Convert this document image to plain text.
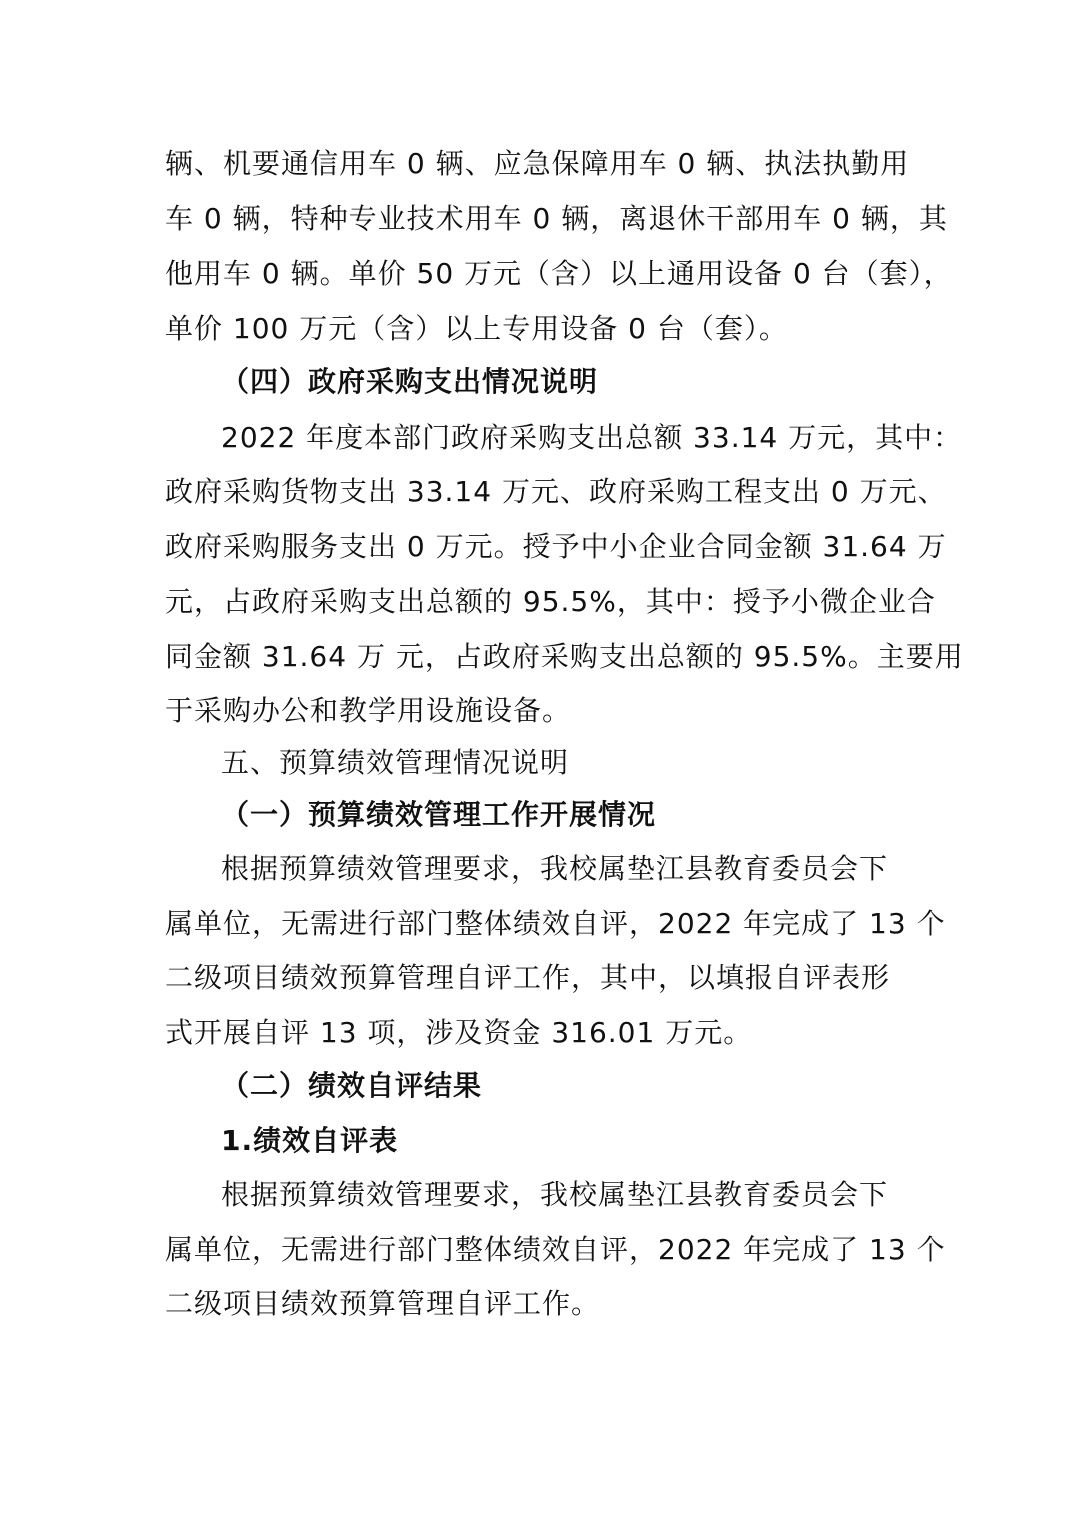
辆、机要通信用车 0 辆、应急保障用车 0 辆、执法执勤用
车 0 辆，特种专业技术用车 0 辆，离退休干部用车 0 辆，其
他用车 0 辆。单价 50 万元（含）以上通用设备 0 台（套），
单价 100 万元（含）以上专用设备 0 台（套）。
（四）政府采购支出情况说明
2022 年度本部门政府采购支出总额 33.14 万元，其中：
政府采购货物支出 33.14 万元、政府采购工程支出 0 万元、
政府采购服务支出 0 万元。授予中小企业合同金额 31.64 万
元，占政府采购支出总额的 95.5%，其中：授予小微企业合
同金额 31.64 万 元，占政府采购支出总额的 95.5%。主要用
于采购办公和教学用设施设备。
五、预算绩效管理情况说明
（一）预算绩效管理工作开展情况
根据预算绩效管理要求，我校属垫江县教育委员会下
属单位，无需进行部门整体绩效自评，2022 年完成了 13 个
二级项目绩效预算管理自评工作，其中，以填报自评表形
式开展自评 13 项，涉及资金 316.01 万元。
（二）绩效自评结果
1.绩效自评表
根据预算绩效管理要求，我校属垫江县教育委员会下
属单位，无需进行部门整体绩效自评，2022 年完成了 13 个
二级项目绩效预算管理自评工作。
